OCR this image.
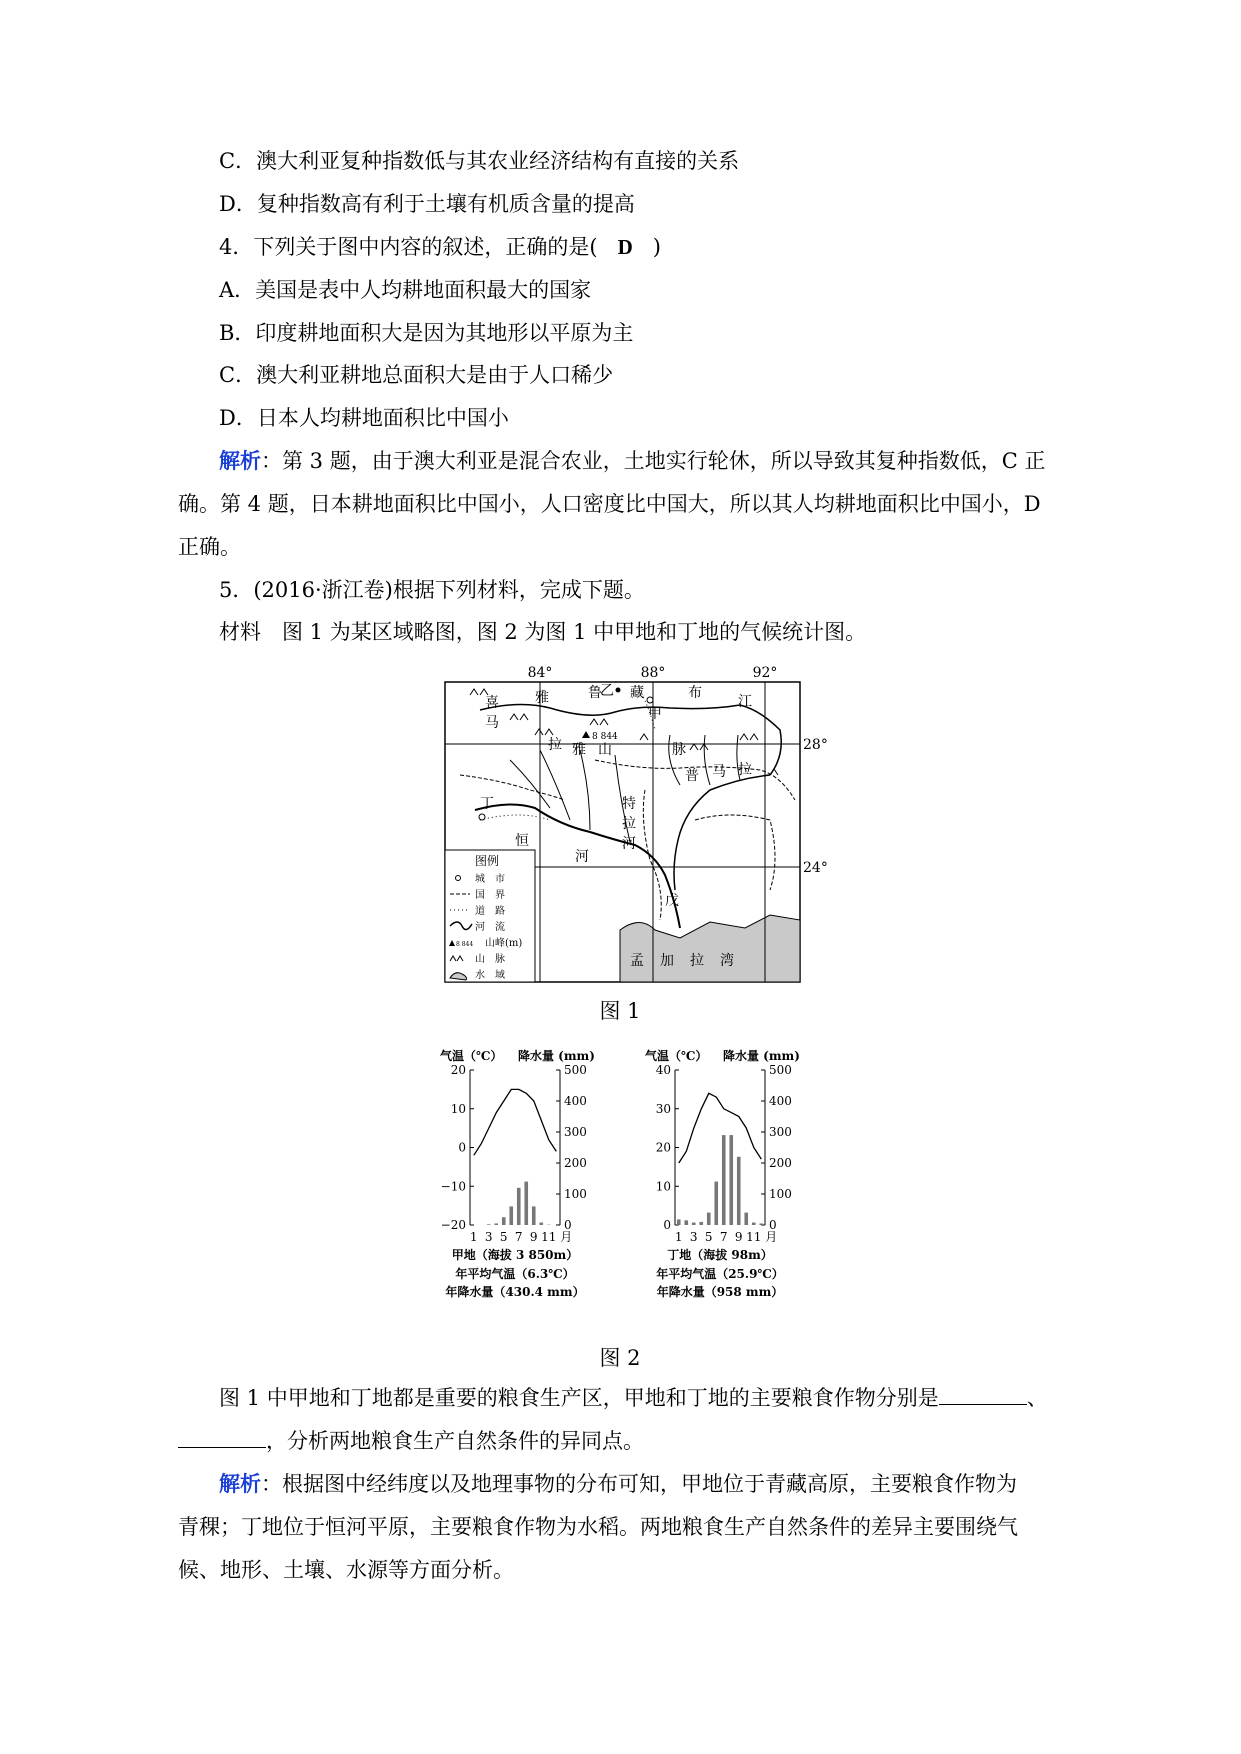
C．澳大利亚复种指数低与其农业经济结构有直接的关系
D．复种指数高有利于土壤有机质含量的提高
4．下列关于图中内容的叙述，正确的是( D )
A．美国是表中人均耕地面积最大的国家
B．印度耕地面积大是因为其地形以平原为主
C．澳大利亚耕地总面积大是由于人口稀少
D．日本人均耕地面积比中国小
解析：第 3 题，由于澳大利亚是混合农业，土地实行轮休，所以导致其复种指数低，C 正
确。第 4 题，日本耕地面积比中国小，人口密度比中国大，所以其人均耕地面积比中国小，D
正确。
5．(2016·浙江卷)根据下列材料，完成下题。
材料　图 1 为某区域略图，图 2 为图 1 中甲地和丁地的气候统计图。
84°	88°	92°
28°
24°
甲
乙
8 844
丁
戊
雅	鲁 藏	布
江
恒
河
特
拉
河
喜
马
拉 雅 山	脉
普 马 拉
孟 加 拉 湾
图例
城　市
国　界
道　路
河　流
8 844 山峰(m)
山　脉
水　域
图 1
气温（℃） 降水量 (mm)
20
10
0
−10
−20
500
400
300
200
100
0
1 3 5 7 9 11 月
甲地（海拔 3 850m）
年平均气温（6.3℃）
年降水量（430.4 mm）
气温（℃） 降水量 (mm)
40
30
20
10
0
500
400
300
200
100
0
1 3 5 7 9 11 月
丁地（海拔 98m）
年平均气温（25.9℃）
年降水量（958 mm）
图 2
图 1 中甲地和丁地都是重要的粮食生产区，甲地和丁地的主要粮食作物分别是	、
，分析两地粮食生产自然条件的异同点。
解析：根据图中经纬度以及地理事物的分布可知，甲地位于青藏高原，主要粮食作物为
青稞；丁地位于恒河平原，主要粮食作物为水稻。两地粮食生产自然条件的差异主要围绕气
候、地形、土壤、水源等方面分析。
